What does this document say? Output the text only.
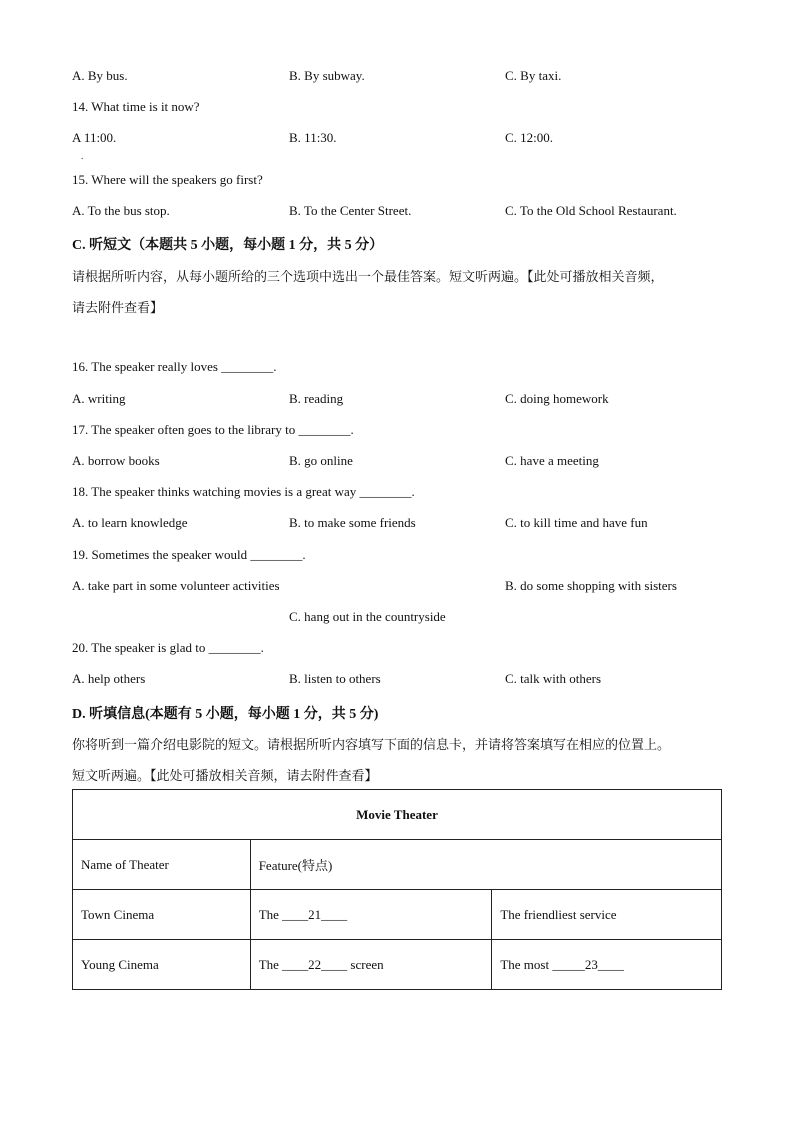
A. By bus.	B. By subway.	C. By taxi.
14. What time is it now?
A 11:00.
.
B. 11:30.	C. 12:00.
15. Where will the speakers go first?
A. To the bus stop.	B. To the Center Street.	C. To the Old School Restaurant.
C. 听短文（本题共 5 小题，每小题 1 分，共 5 分）
请根据所听内容，从每小题所给的三个选项中选出一个最佳答案。短文听两遍。【此处可播放相关音频，
请去附件查看】
16. The speaker really loves ________.
A. writing	B. reading	C. doing homework
17. The speaker often goes to the library to ________.
A. borrow books	B. go online	C. have a meeting
18. The speaker thinks watching movies is a great way ________.
A. to learn knowledge	B. to make some friends	C. to kill time and have fun
19. Sometimes the speaker would ________.
A. take part in some volunteer activities	B. do some shopping with sisters
C. hang out in the countryside
20. The speaker is glad to ________.
A. help others	B. listen to others	C. talk with others
D. 听填信息(本题有 5 小题，每小题 1 分，共 5 分)
你将听到一篇介绍电影院的短文。请根据所听内容填写下面的信息卡，并请将答案填写在相应的位置上。
短文听两遍。【此处可播放相关音频，请去附件查看】
Movie Theater		
Name of Theater	Feature(特点)	
Town Cinema	The ____21____	The friendliest service
Young Cinema	The ____22____ screen	The most _____23____
